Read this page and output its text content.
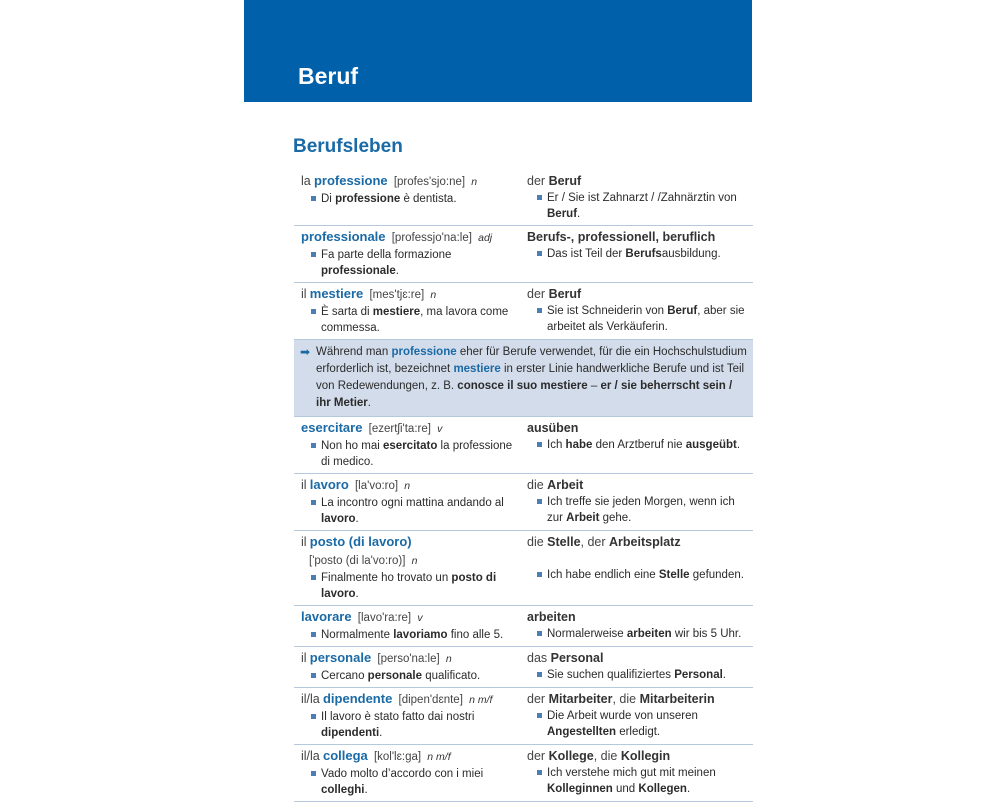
Beruf
Berufsleben
la professione [profes'sjo:ne] n
Di professione è dentista.
der Beruf
Er / Sie ist Zahnarzt / /Zahnärztin von Beruf.
professionale [professjo'na:le] adj
Fa parte della formazione professionale.
Berufs-, professionell, beruflich
Das ist Teil der Berufsausbildung.
il mestiere [mes'tjɛ:re] n
È sarta di mestiere, ma lavora come commessa.
der Beruf
Sie ist Schneiderin von Beruf, aber sie arbeitet als Verkäuferin.
➡ Während man professione eher für Berufe verwendet, für die ein Hochschulstudium erforderlich ist, bezeichnet mestiere in erster Linie handwerkliche Berufe und ist Teil von Redewendungen, z. B. conosce il suo mestiere – er / sie beherrscht sein / ihr Metier.
esercitare [ezertʃi'ta:re] v
Non ho mai esercitato la professione di medico.
ausüben
Ich habe den Arztberuf nie ausgeübt.
il lavoro [la'vo:ro] n
La incontro ogni mattina andando al lavoro.
die Arbeit
Ich treffe sie jeden Morgen, wenn ich zur Arbeit gehe.
il posto (di lavoro)
['posto (di la'vo:ro)] n
Finalmente ho trovato un posto di lavoro.
die Stelle, der Arbeitsplatz
Ich habe endlich eine Stelle gefunden.
lavorare [lavo'ra:re] v
Normalmente lavoriamo fino alle 5.
arbeiten
Normalerweise arbeiten wir bis 5 Uhr.
il personale [perso'na:le] n
Cercano personale qualificato.
das Personal
Sie suchen qualifiziertes Personal.
il/la dipendente [dipen'dɛnte] n m/f
Il lavoro è stato fatto dai nostri dipendenti.
der Mitarbeiter, die Mitarbeiterin
Die Arbeit wurde von unseren Angestellten erledigt.
il/la collega [kol'lɛ:ga] n m/f
Vado molto d’accordo con i miei colleghi.
der Kollege, die Kollegin
Ich verstehe mich gut mit meinen Kolleginnen und Kollegen.
